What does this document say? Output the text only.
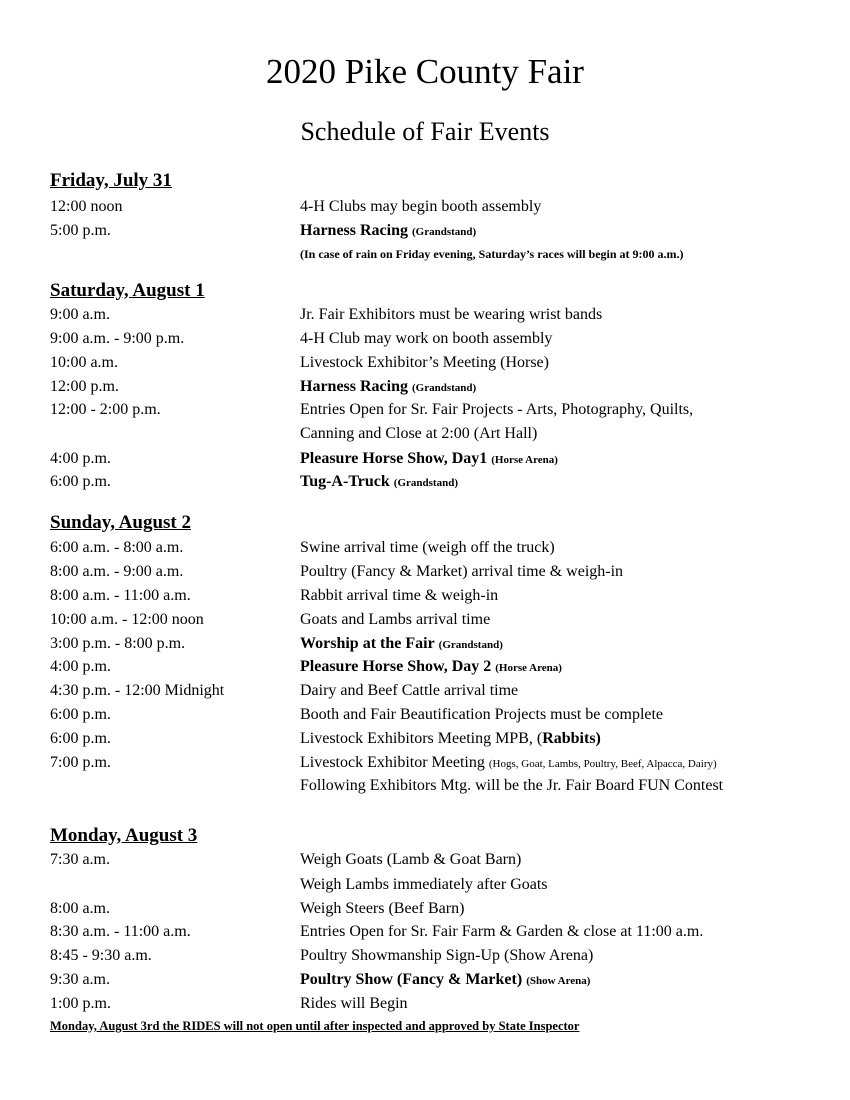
2020 Pike County Fair
Schedule of Fair Events
Friday, July 31
12:00 noon	4-H Clubs may begin booth assembly
5:00 p.m.	Harness Racing (Grandstand)
(In case of rain on Friday evening, Saturday’s races will begin at 9:00 a.m.)
Saturday, August 1
9:00 a.m.	Jr. Fair Exhibitors must be wearing wrist bands
9:00 a.m. - 9:00 p.m.	4-H Club may work on booth assembly
10:00 a.m.	Livestock Exhibitor’s Meeting (Horse)
12:00 p.m.	Harness Racing (Grandstand)
12:00 - 2:00 p.m.	Entries Open for Sr. Fair Projects - Arts, Photography, Quilts,
Canning and Close at 2:00 (Art Hall)
4:00 p.m.	Pleasure Horse Show, Day1 (Horse Arena)
6:00 p.m.	Tug-A-Truck (Grandstand)
Sunday, August 2
6:00 a.m. - 8:00 a.m.	Swine arrival time (weigh off the truck)
8:00 a.m. - 9:00 a.m.	Poultry (Fancy & Market) arrival time & weigh-in
8:00 a.m. - 11:00 a.m.	Rabbit arrival time & weigh-in
10:00 a.m. - 12:00 noon	Goats and Lambs arrival time
3:00 p.m. - 8:00 p.m.	Worship at the Fair (Grandstand)
4:00 p.m.	Pleasure Horse Show, Day 2 (Horse Arena)
4:30 p.m. - 12:00 Midnight	Dairy and Beef Cattle arrival time
6:00 p.m.	Booth and Fair Beautification Projects must be complete
6:00 p.m.	Livestock Exhibitors Meeting MPB, (Rabbits)
7:00 p.m.	Livestock Exhibitor Meeting (Hogs, Goat, Lambs, Poultry, Beef, Alpacca, Dairy)
Following Exhibitors Mtg. will be the Jr. Fair Board FUN Contest
Monday, August 3
7:30 a.m.	Weigh Goats (Lamb & Goat Barn)
Weigh Lambs immediately after Goats
8:00 a.m.	Weigh Steers (Beef Barn)
8:30 a.m. - 11:00 a.m.	Entries Open for Sr. Fair Farm & Garden & close at 11:00 a.m.
8:45 - 9:30 a.m.	Poultry Showmanship Sign-Up (Show Arena)
9:30 a.m.	Poultry Show (Fancy & Market) (Show Arena)
1:00 p.m.	Rides will Begin
Monday, August 3rd the RIDES will not open until after inspected and approved by State Inspector
